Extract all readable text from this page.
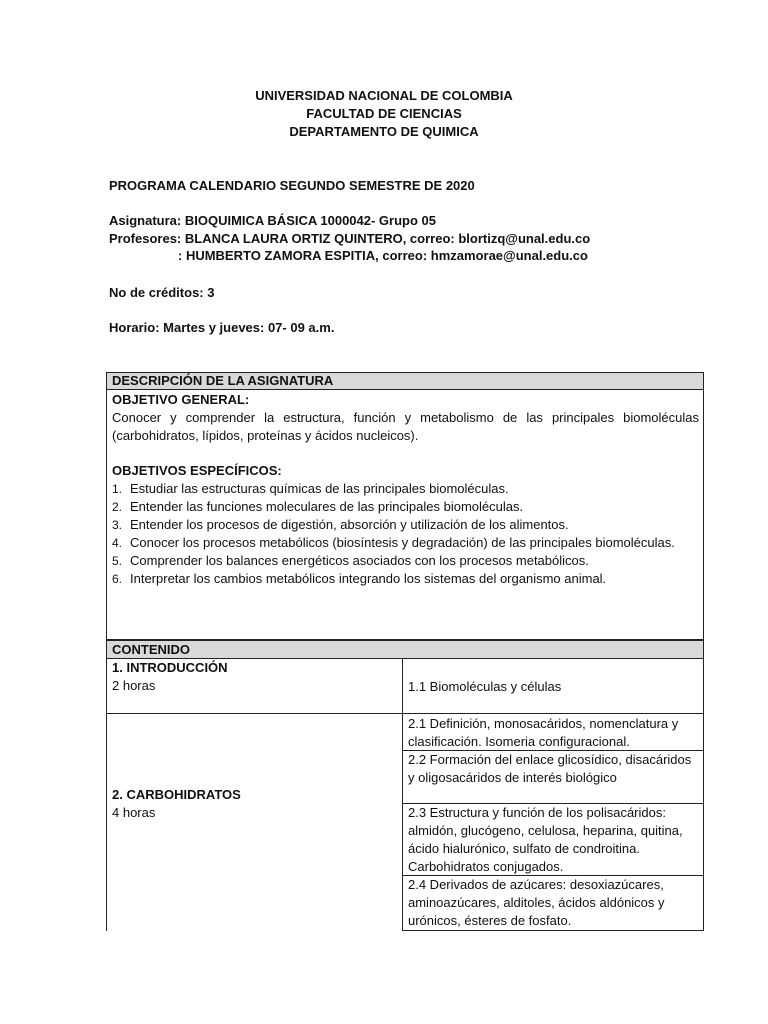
UNIVERSIDAD NACIONAL DE COLOMBIA
FACULTAD DE CIENCIAS
DEPARTAMENTO DE QUIMICA
PROGRAMA CALENDARIO SEGUNDO SEMESTRE DE 2020
Asignatura: BIOQUIMICA BÁSICA 1000042- Grupo 05
Profesores: BLANCA LAURA ORTIZ QUINTERO, correo: blortizq@unal.edu.co
: HUMBERTO ZAMORA ESPITIA, correo: hmzamorae@unal.edu.co
No de créditos: 3
Horario: Martes y jueves: 07- 09 a.m.
DESCRIPCIÓN DE LA ASIGNATURA
OBJETIVO GENERAL:
Conocer y comprender la estructura, función y metabolismo de las principales biomoléculas
(carbohidratos, lípidos, proteínas y ácidos nucleicos).
OBJETIVOS ESPECÍFICOS:
1. Estudiar las estructuras químicas de las principales biomoléculas.
2. Entender las funciones moleculares de las principales biomoléculas.
3. Entender los procesos de digestión, absorción y utilización de los alimentos.
4. Conocer los procesos metabólicos (biosíntesis y degradación) de las principales biomoléculas.
5. Comprender los balances energéticos asociados con los procesos metabólicos.
6. Interpretar los cambios metabólicos integrando los sistemas del organismo animal.
CONTENIDO
1. INTRODUCCIÓN
2 horas	1.1 Biomoléculas y células
2. CARBOHIDRATOS
4 horas
2.1 Definición, monosacáridos, nomenclatura y clasificación. Isomeria configuracional.
2.2 Formación del enlace glicosídico, disacáridos y oligosacáridos de interés biológico
2.3 Estructura y función de los polisacáridos: almidón, glucógeno, celulosa, heparina, quitina, ácido hialurónico, sulfato de condroitina. Carbohidratos conjugados.
2.4 Derivados de azúcares: desoxiazúcares, aminoazúcares, alditoles, ácidos aldónicos y urónicos, ésteres de fosfato.
